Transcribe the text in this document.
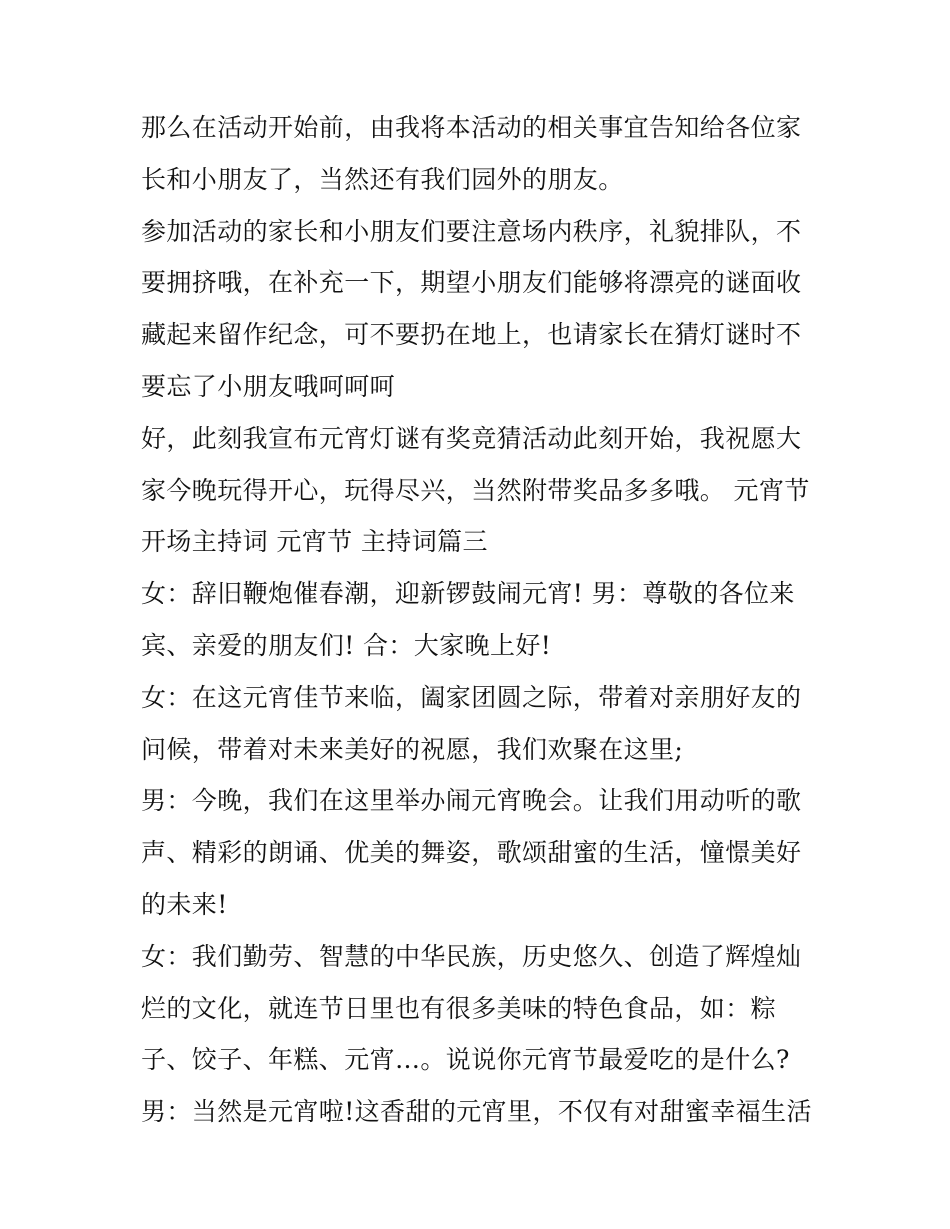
那么在活动开始前，由我将本活动的相关事宜告知给各位家长和小朋友了，当然还有我们园外的朋友。

参加活动的家长和小朋友们要注意场内秩序，礼貌排队，不要拥挤哦，在补充一下，期望小朋友们能够将漂亮的谜面收藏起来留作纪念，可不要扔在地上，也请家长在猜灯谜时不要忘了小朋友哦呵呵呵

好，此刻我宣布元宵灯谜有奖竞猜活动此刻开始，我祝愿大家今晚玩得开心，玩得尽兴，当然附带奖品多多哦。 元宵节开场主持词 元宵节 主持词篇三

女：辞旧鞭炮催春潮，迎新锣鼓闹元宵! 男：尊敬的各位来宾、亲爱的朋友们! 合：大家晚上好!

女：在这元宵佳节来临，阖家团圆之际，带着对亲朋好友的问候，带着对未来美好的祝愿，我们欢聚在这里;

男：今晚，我们在这里举办闹元宵晚会。让我们用动听的歌声、精彩的朗诵、优美的舞姿，歌颂甜蜜的生活，憧憬美好的未来!

女：我们勤劳、智慧的中华民族，历史悠久、创造了辉煌灿烂的文化，就连节日里也有很多美味的特色食品，如：粽子、饺子、年糕、元宵…。说说你元宵节最爱吃的是什么?

男：当然是元宵啦!这香甜的元宵里，不仅有对甜蜜幸福生活
